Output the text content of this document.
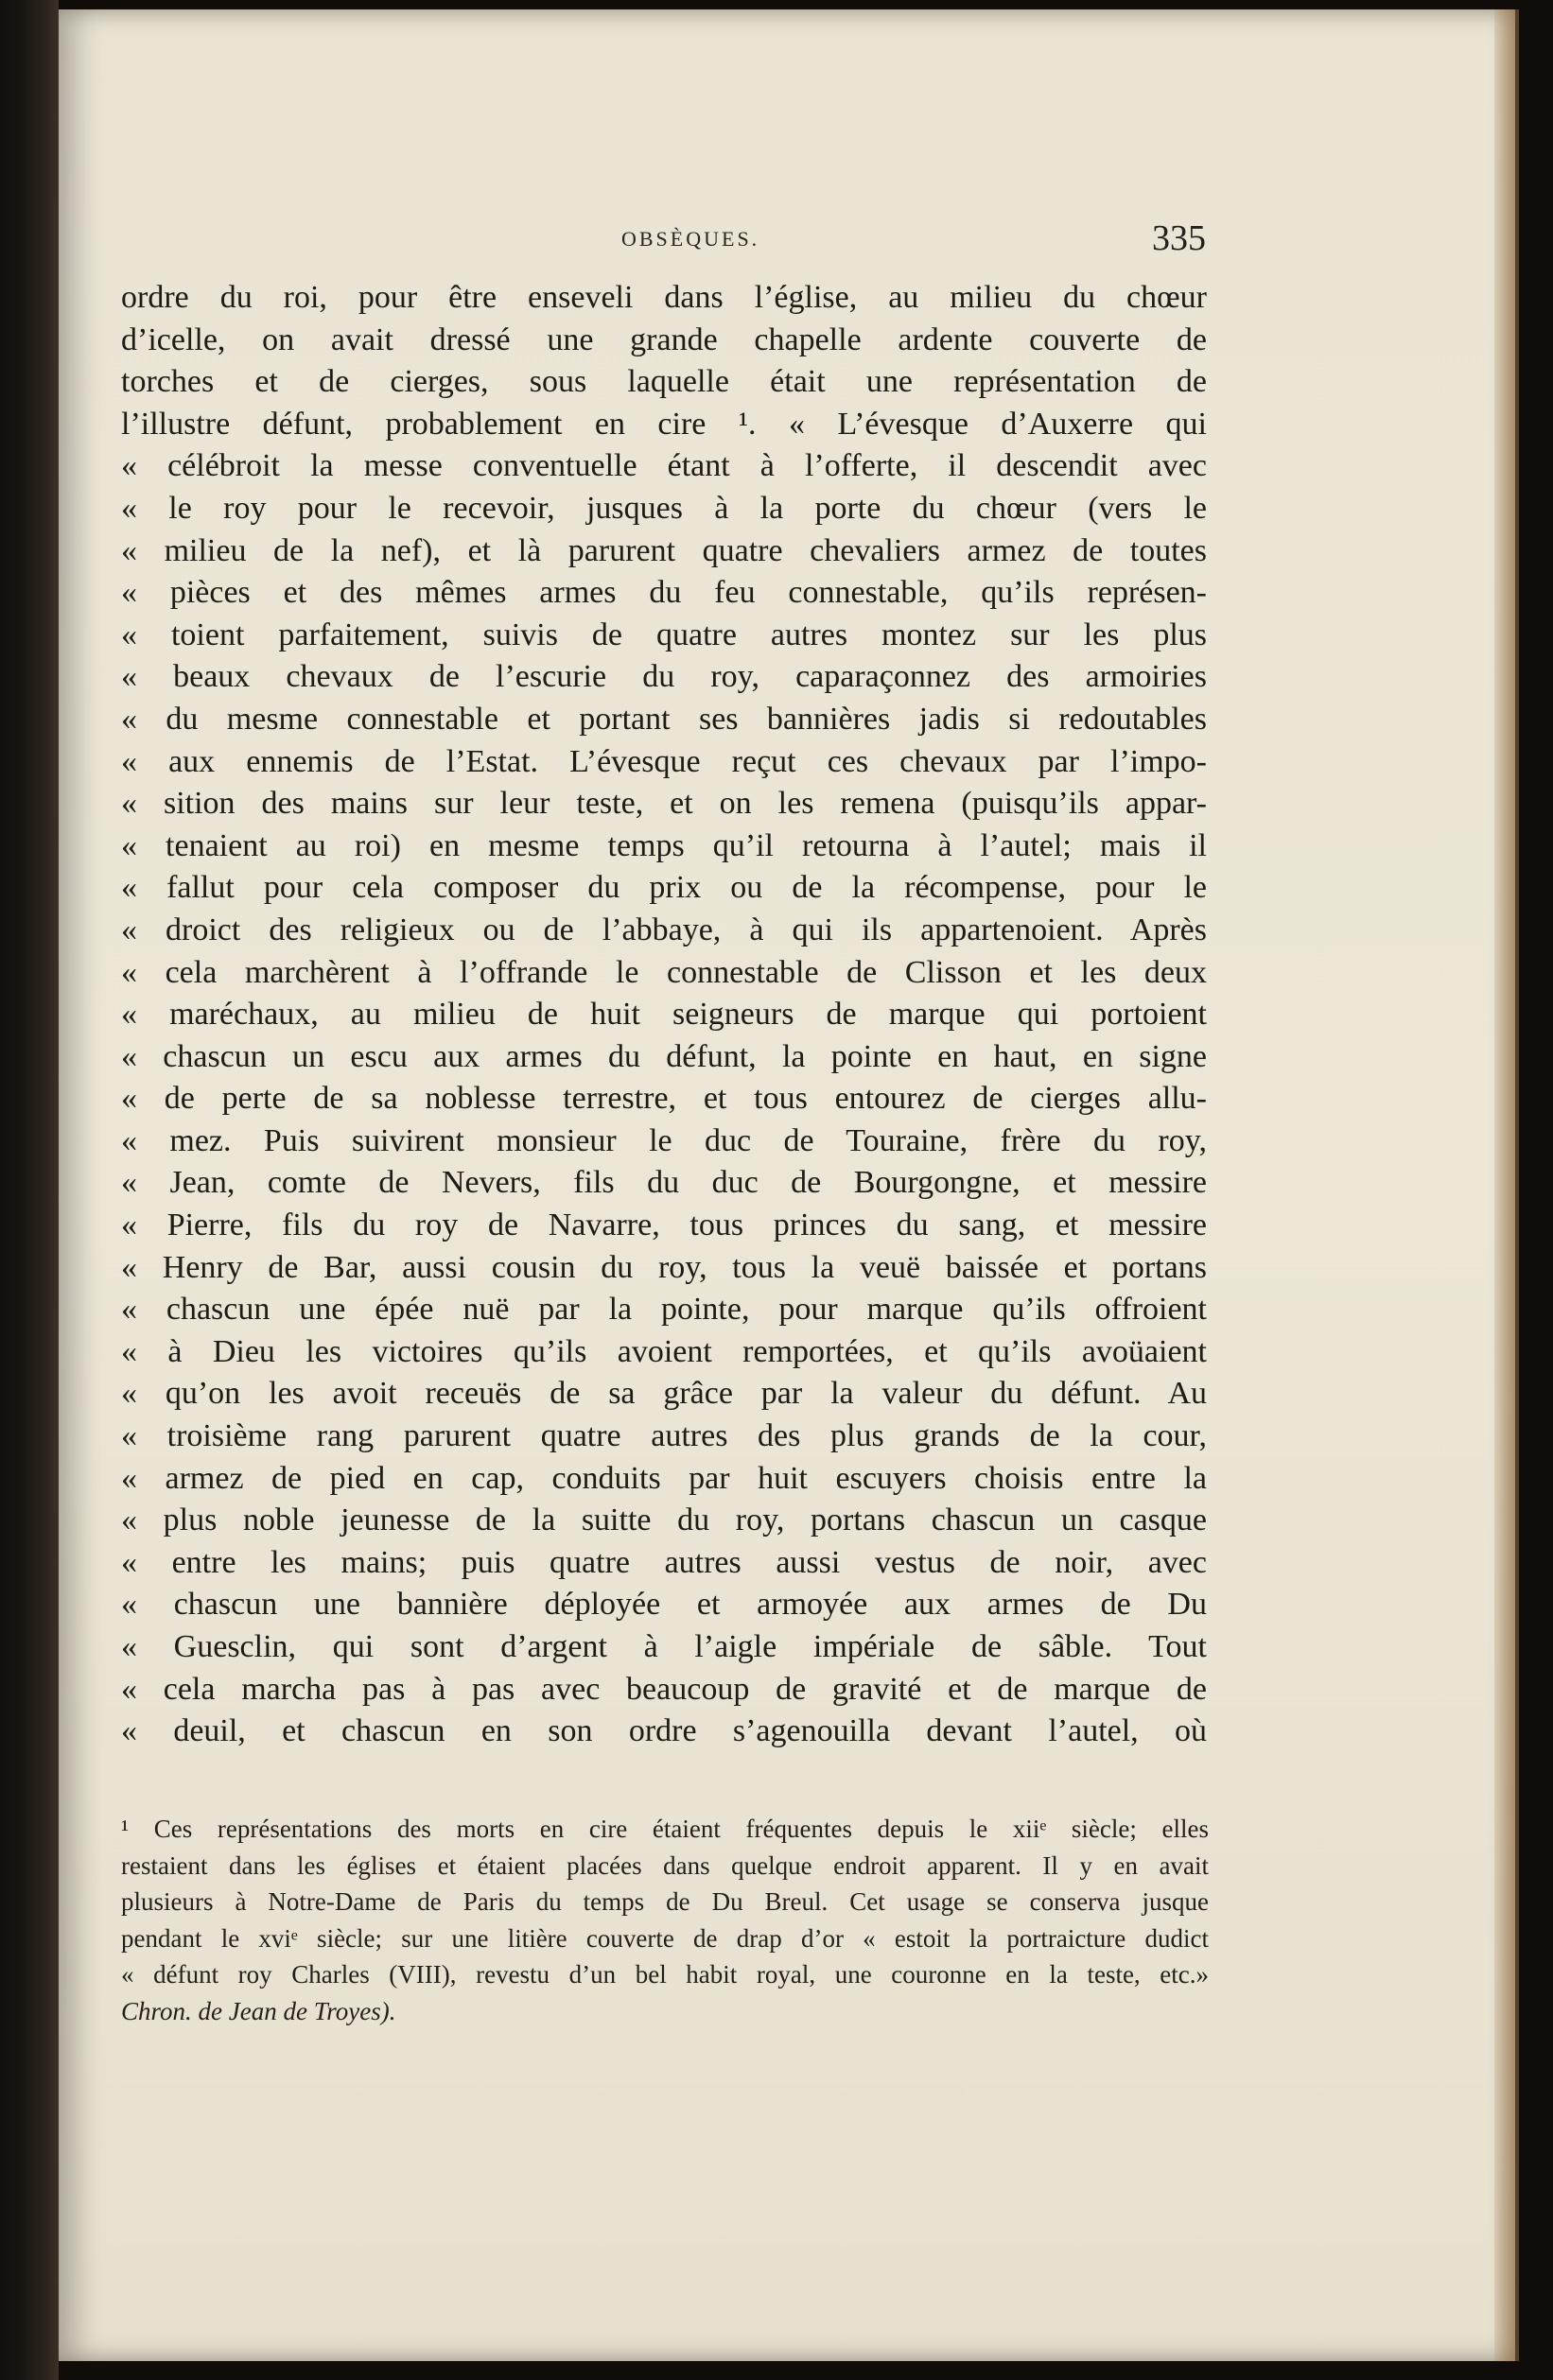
OBSÈQUES.	335
ordre du roi, pour être enseveli dans l’église, au milieu du chœur
d’icelle, on avait dressé une grande chapelle ardente couverte de
torches et de cierges, sous laquelle était une représentation de
l’illustre défunt, probablement en cire ¹. « L’évesque d’Auxerre qui
« célébroit la messe conventuelle étant à l’offerte, il descendit avec
« le roy pour le recevoir, jusques à la porte du chœur (vers le
« milieu de la nef), et là parurent quatre chevaliers armez de toutes
« pièces et des mêmes armes du feu connestable, qu’ils représen-
« toient parfaitement, suivis de quatre autres montez sur les plus
« beaux chevaux de l’escurie du roy, caparaçonnez des armoiries
« du mesme connestable et portant ses bannières jadis si redoutables
« aux ennemis de l’Estat. L’évesque reçut ces chevaux par l’impo-
« sition des mains sur leur teste, et on les remena (puisqu’ils appar-
« tenaient au roi) en mesme temps qu’il retourna à l’autel; mais il
« fallut pour cela composer du prix ou de la récompense, pour le
« droict des religieux ou de l’abbaye, à qui ils appartenoient. Après
« cela marchèrent à l’offrande le connestable de Clisson et les deux
« maréchaux, au milieu de huit seigneurs de marque qui portoient
« chascun un escu aux armes du défunt, la pointe en haut, en signe
« de perte de sa noblesse terrestre, et tous entourez de cierges allu-
« mez. Puis suivirent monsieur le duc de Touraine, frère du roy,
« Jean, comte de Nevers, fils du duc de Bourgongne, et messire
« Pierre, fils du roy de Navarre, tous princes du sang, et messire
« Henry de Bar, aussi cousin du roy, tous la veuë baissée et portans
« chascun une épée nuë par la pointe, pour marque qu’ils offroient
« à Dieu les victoires qu’ils avoient remportées, et qu’ils avoüaient
« qu’on les avoit receuës de sa grâce par la valeur du défunt. Au
« troisième rang parurent quatre autres des plus grands de la cour,
« armez de pied en cap, conduits par huit escuyers choisis entre la
« plus noble jeunesse de la suitte du roy, portans chascun un casque
« entre les mains; puis quatre autres aussi vestus de noir, avec
« chascun une bannière déployée et armoyée aux armes de Du
« Guesclin, qui sont d’argent à l’aigle impériale de sâble. Tout
« cela marcha pas à pas avec beaucoup de gravité et de marque de
« deuil, et chascun en son ordre s’agenouilla devant l’autel, où
¹ Ces représentations des morts en cire étaient fréquentes depuis le xiiᵉ siècle; elles
restaient dans les églises et étaient placées dans quelque endroit apparent. Il y en avait
plusieurs à Notre-Dame de Paris du temps de Du Breul. Cet usage se conserva jusque
pendant le xviᵉ siècle; sur une litière couverte de drap d’or « estoit la portraicture dudict
« défunt roy Charles (VIII), revestu d’un bel habit royal, une couronne en la teste, etc.»
Chron. de Jean de Troyes).
